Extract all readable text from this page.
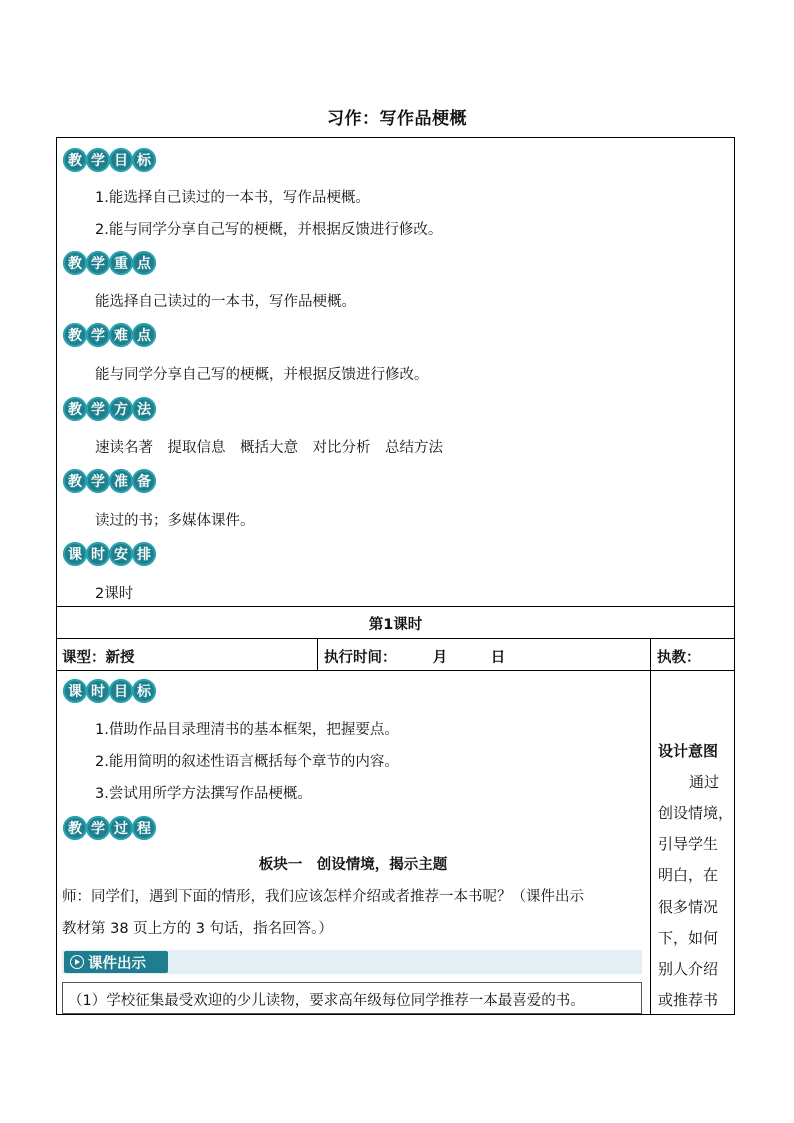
习作：写作品梗概
教 学 目 标
1.能选择自己读过的一本书，写作品梗概。
2.能与同学分享自己写的梗概，并根据反馈进行修改。
教 学 重 点
能选择自己读过的一本书，写作品梗概。
教 学 难 点
能与同学分享自己写的梗概，并根据反馈进行修改。
教 学 方 法
速读名著　提取信息　概括大意　对比分析　总结方法
教 学 准 备
读过的书；多媒体课件。
课 时 安 排
2课时
第1课时
课型：新授	执行时间：　　　月　　　日	执教：
课 时 目 标
1.借助作品目录理清书的基本框架，把握要点。
2.能用简明的叙述性语言概括每个章节的内容。
3.尝试用所学方法撰写作品梗概。
教 学 过 程
板块一　创设情境，揭示主题
师：同学们，遇到下面的情形，我们应该怎样介绍或者推荐一本书呢？（课件出示
教材第 38 页上方的 3 句话，指名回答。）
课件出示
（1）学校征集最受欢迎的少儿读物，要求高年级每位同学推荐一本最喜爱的书。
设计意图
通过
创设情境，
引导学生
明白，在
很多情况
下，如何
别人介绍
或推荐书
